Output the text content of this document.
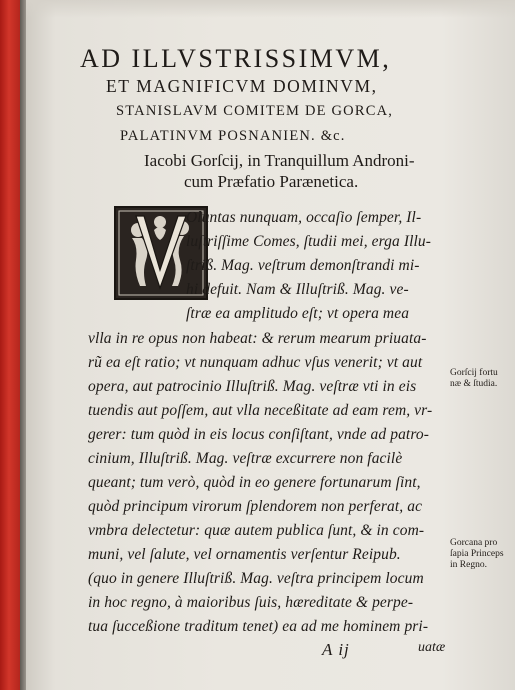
AD ILLVSTRISSIMVM,
ET MAGNIFICVM DOMINVM,
STANISLAVM COMITEM DE GORCA,
PALATINVM POSNANIEN. &c.
Iacobi Gorſcij, in Tranquillum Androni-
cum Præfatio Parænetica.
Oluntas nunquam, occaſio ſemper, Il-
luſtriſſime Comes, ſtudii mei, erga Illu-
ſtriß. Mag. veſtrum demonſtrandi mi-
hi defuit. Nam & Illuſtriß. Mag. ve-
ſtræ ea amplitudo eſt; vt opera mea
vlla in re opus non habeat: & rerum mearum priuata-
rũ ea eſt ratio; vt nunquam adhuc vſus venerit; vt aut
opera, aut patrocinio Illuſtriß. Mag. veſtræ vti in eis
tuendis aut poſſem, aut vlla neceßitate ad eam rem, vr-
gerer: tum quòd in eis locus conſiſtant, vnde ad patro-
cinium, Illuſtriß. Mag. veſtræ excurrere non facilè
queant; tum verò, quòd in eo genere fortunarum ſint,
quòd principum virorum ſplendorem non perferat, ac
vmbra delectetur: quæ autem publica ſunt, & in com-
muni, vel ſalute, vel ornamentis verſentur Reipub.
(quo in genere Illuſtriß. Mag. veſtra principem locum
in hoc regno, à maioribus ſuis, hæreditate & perpe-
tua ſucceßione traditum tenet) ea ad me hominem pri-
Gorſcij fortu
næ & ſtudia.
Gorcana pro
ſapia Princeps
in Regno.
A ij	uatæ
